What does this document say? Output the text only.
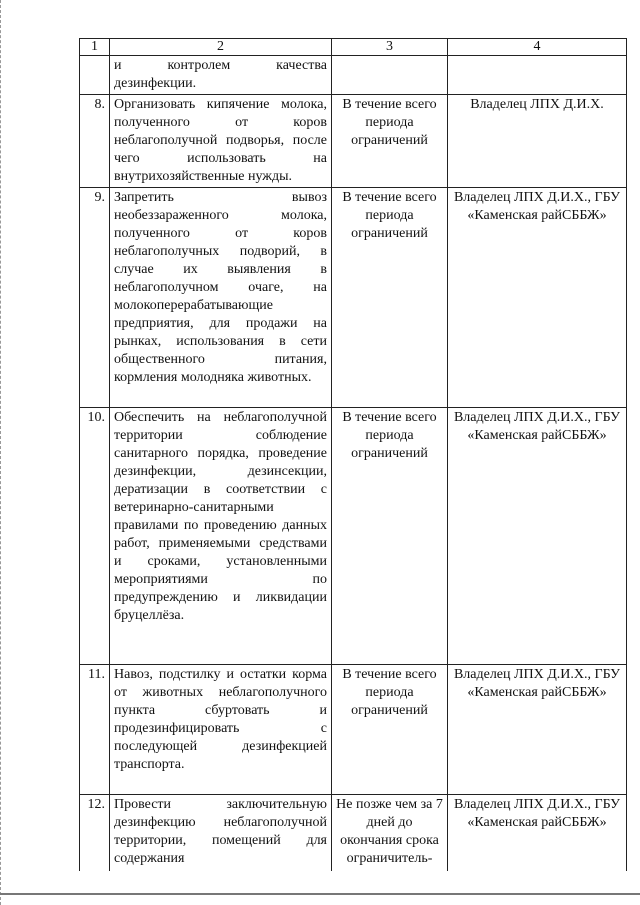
1	2	3	4
	и контролем качества дезинфекции.		
8.	Организовать кипячение молока, полученного от коров неблагополучной подворья, после чего использовать на внутрихозяйственные нужды.	В течение всего периода ограничений	Владелец ЛПХ Д.И.Х.
9.	Запретить вывоз необеззараженного молока, полученного от коров неблагополучных подворий, в случае их выявления в неблагополучном очаге, на молокоперерабатывающие предприятия, для продажи на рынках, использования в сети общественного питания, кормления молодняка животных.	В течение всего периода ограничений	Владелец ЛПХ Д.И.Х., ГБУ «Каменская райСББЖ»
10.	Обеспечить на неблагополучной территории соблюдение санитарного порядка, проведение дезинфекции, дезинсекции, дератизации в соответствии с ветеринарно-санитарными правилами по проведению данных работ, применяемыми средствами и сроками, установленными мероприятиями по предупреждению и ликвидации бруцеллёза.	В течение всего периода ограничений	Владелец ЛПХ Д.И.Х., ГБУ «Каменская райСББЖ»
11.	Навоз, подстилку и остатки корма от животных неблагополучного пункта сбуртовать и продезинфицировать с последующей дезинфекцией транспорта.	В течение всего периода ограничений	Владелец ЛПХ Д.И.Х., ГБУ «Каменская райСББЖ»
12.	Провести заключительную дезинфекцию неблагополучной территории, помещений для содержания	Не позже чем за 7 дней до окончания срока ограничитель-	Владелец ЛПХ Д.И.Х., ГБУ «Каменская райСББЖ»
